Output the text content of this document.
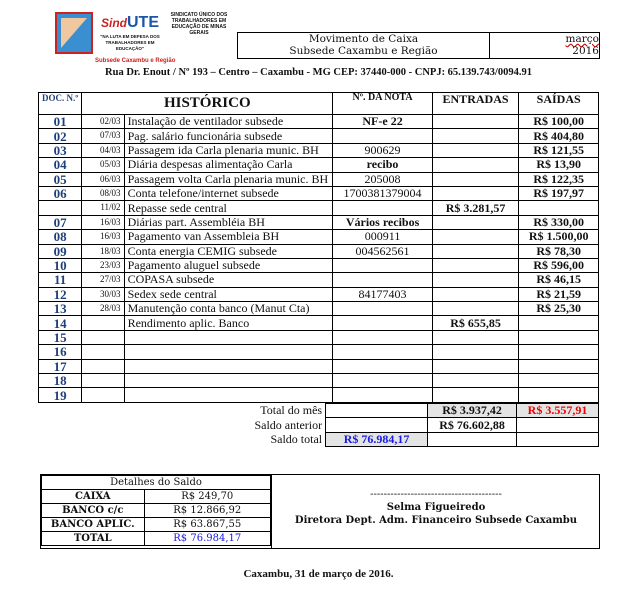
SindUTE
"NA LUTA EM DEFESA DOS TRABALHADORES EM EDUCAÇÃO"
SINDICATO ÚNICO DOS TRABALHADORES EM EDUCAÇÃO DE MINAS GERAIS
Subsede Caxambu e Região
Movimento de Caixa
Subsede Caxambu e Região
março
2016
Rua Dr. Enout / Nº 193 – Centro – Caxambu - MG CEP: 37440-000 - CNPJ: 65.139.743/0094.91
DOC. N.º	HISTÓRICO		Nº. DA NOTA	ENTRADAS	SAÍDAS
01	02/03	Instalação de ventilador subsede	NF-e 22		R$ 100,00
02	07/03	Pag. salário funcionária subsede			R$ 404,80
03	04/03	Passagem ida Carla plenaria munic. BH	900629		R$ 121,55
04	05/03	Diária despesas alimentação Carla	recibo		R$ 13,90
05	06/03	Passagem volta Carla plenaria munic. BH	205008		R$ 122,35
06	08/03	Conta telefone/internet subsede	1700381379004		R$ 197,97
	11/02	Repasse sede central		R$ 3.281,57	
07	16/03	Diárias part. Assembléia BH	Vários recibos		R$ 330,00
08	16/03	Pagamento van Assembleia BH	000911		R$ 1.500,00
09	18/03	Conta energia CEMIG subsede	004562561		R$ 78,30
10	23/03	Pagamento aluguel subsede			R$ 596,00
11	27/03	COPASA subsede			R$ 46,15
12	30/03	Sedex sede central	84177403		R$ 21,59
13	28/03	Manutenção conta banco (Manut Cta)			R$ 25,30
14		Rendimento aplic. Banco		R$ 655,85	
15					
16					
17					
18					
19					
Total do mês		R$ 3.937,42	R$ 3.557,91
Saldo anterior		R$ 76.602,88	
Saldo total	R$ 76.984,17		
Detalhes do Saldo	
CAIXA	R$ 249,70
BANCO c/c	R$ 12.866,92
BANCO APLIC.	R$ 63.867,55
TOTAL	R$ 76.984,17
---------------------------------------
Selma Figueiredo
Diretora Dept. Adm. Financeiro Subsede Caxambu
Caxambu, 31 de março de 2016.
